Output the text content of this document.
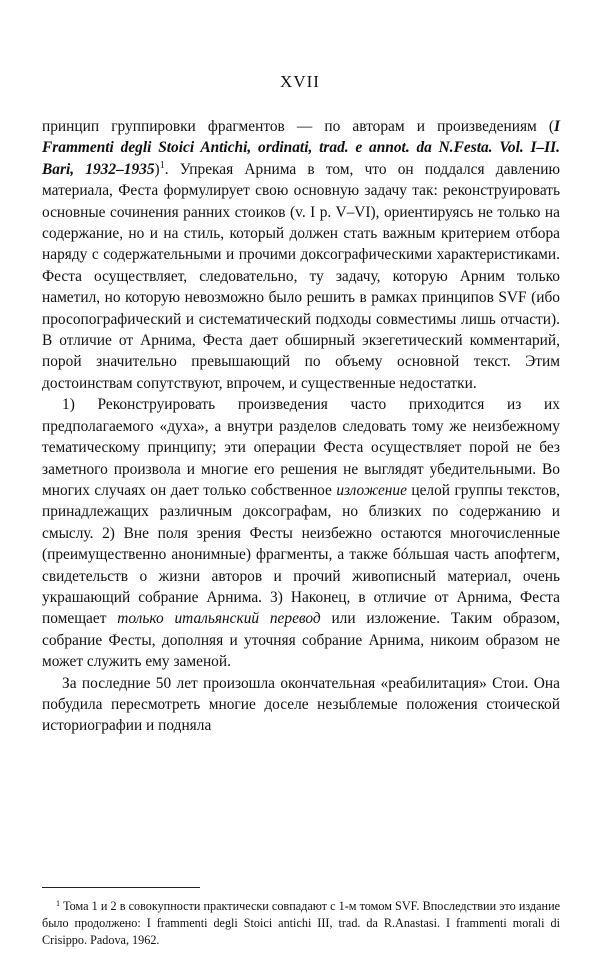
XVII

принцип группировки фрагментов — по авторам и произведениям (I Frammenti degli Stoici Antichi, ordinati, trad. e annot. da N.Festa. Vol. I–II. Bari, 1932–1935)$^1$. Упрекая Арнима в том, что он поддался давлению материала, Феста формулирует свою основную задачу так: реконструировать основные сочинения ранних стоиков (v. I p. V–VI), ориентируясь не только на содержание, но и на стиль, который должен стать важным критерием отбора наряду с содержательными и прочими доксографическими характеристиками. Феста осуществляет, следовательно, ту задачу, которую Арним только наметил, но которую невозможно было решить в рамках принципов SVF (ибо просопографический и систематический подходы совместимы лишь отчасти). В отличие от Арнима, Феста дает обширный экзегетический комментарий, порой значительно превышающий по объему основной текст. Этим достоинствам сопутствуют, впрочем, и существенные недостатки.

1) Реконструировать произведения часто приходится из их предполагаемого «духа», а внутри разделов следовать тому же неизбежному тематическому принципу; эти операции Феста осуществляет порой не без заметного произвола и многие его решения не выглядят убедительными. Во многих случаях он дает только собственное изложение целой группы текстов, принадлежащих различным доксографам, но близких по содержанию и смыслу. 2) Вне поля зрения Фесты неизбежно остаются многочисленные (преимущественно анонимные) фрагменты, а также бóльшая часть апофтегм, свидетельств о жизни авторов и прочий живописный материал, очень украшающий собрание Арнима. 3) Наконец, в отличие от Арнима, Феста помещает только итальянский перевод или изложение. Таким образом, собрание Фесты, дополняя и уточняя собрание Арнима, никоим образом не может служить ему заменой.

За последние 50 лет произошла окончательная «реабилитация» Стои. Она побудила пересмотреть многие доселе незыблемые положения стоической историографии и подняла

$^1$ Тома 1 и 2 в совокупности практически совпадают с 1-м томом SVF. Впоследствии это издание было продолжено: I frammenti degli Stoici antichi III, trad. da R.Anastasi. I frammenti morali di Crisippo. Padova, 1962.
